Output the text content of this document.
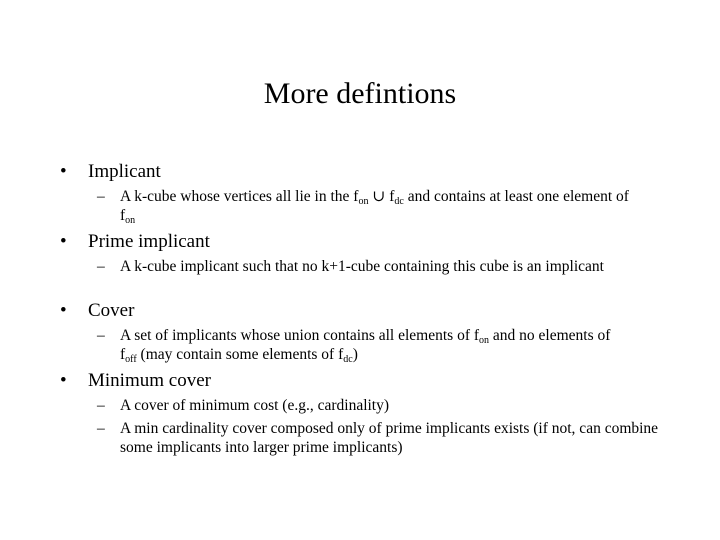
More defintions
• Implicant
– A k-cube whose vertices all lie in the $f_{on}$ ∪ $f_{dc}$ and contains at least one element of $f_{on}$
• Prime implicant
– A k-cube implicant such that no k+1-cube containing this cube is an implicant
• Cover
– A set of implicants whose union contains all elements of $f_{on}$ and no elements of $f_{off}$ (may contain some elements of $f_{dc}$)
• Minimum cover
– A cover of minimum cost (e.g., cardinality)
– A min cardinality cover composed only of prime implicants exists (if not, can combine some implicants into larger prime implicants)
